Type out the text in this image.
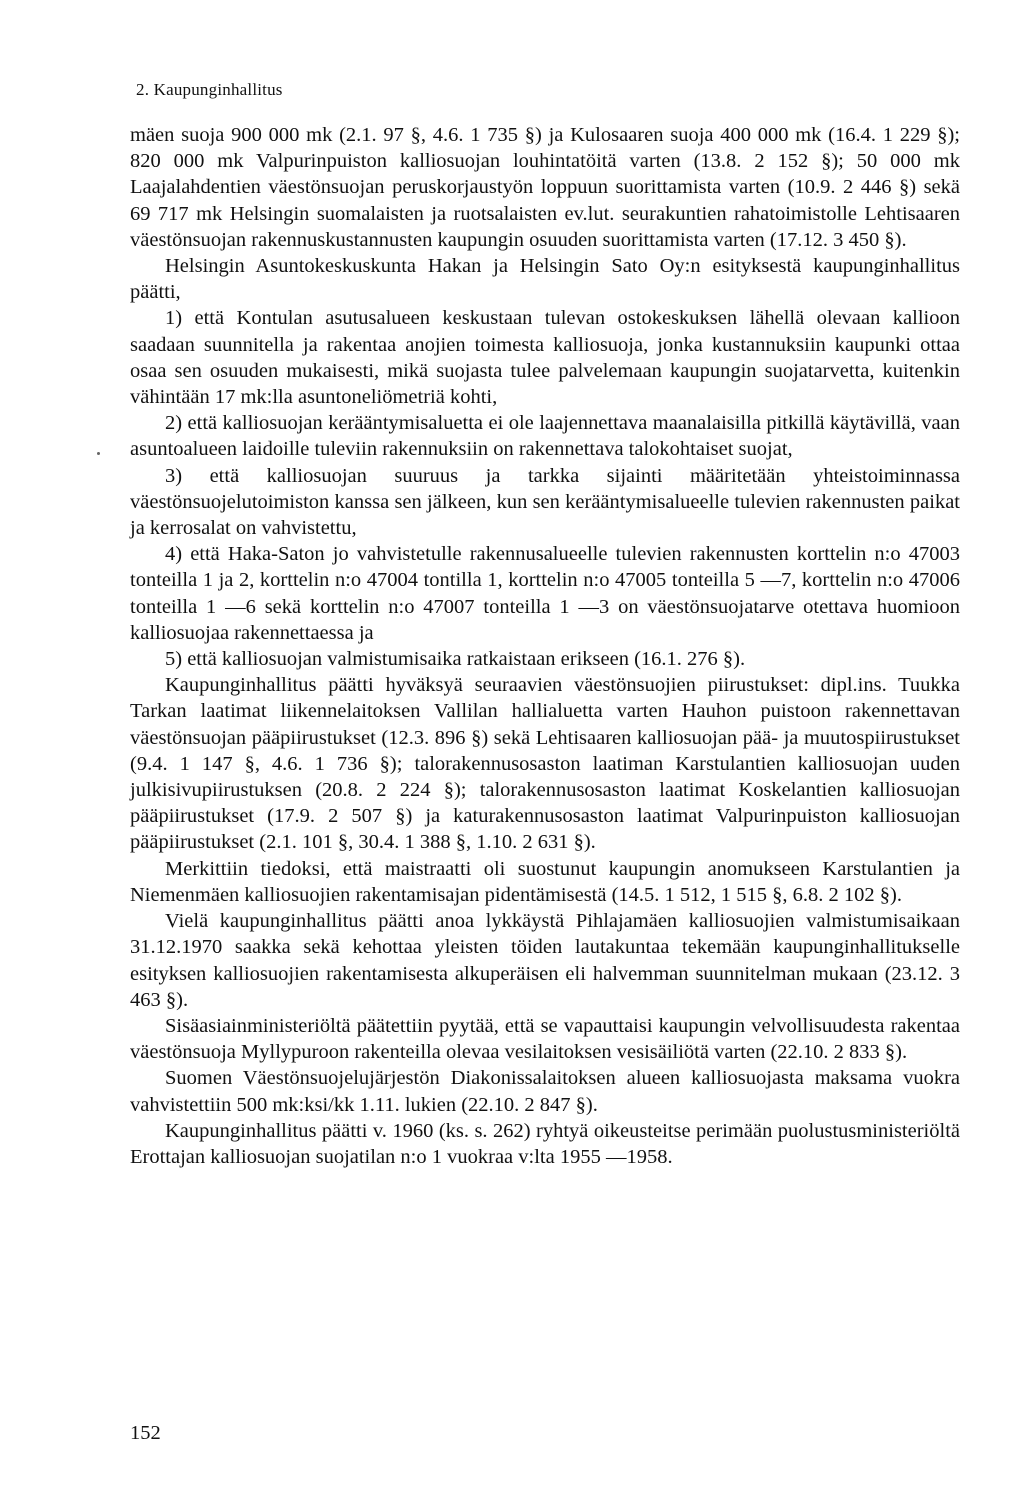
2. Kaupunginhallitus

mäen suoja 900 000 mk (2.1. 97 §, 4.6. 1 735 §) ja Kulosaaren suoja 400 000 mk (16.4. 1 229 §); 820 000 mk Valpurinpuiston kalliosuojan louhintatöitä varten (13.8. 2 152 §); 50 000 mk Laajalahdentien väestönsuojan peruskorjaustyön loppuun suorittamista varten (10.9. 2 446 §) sekä 69 717 mk Helsingin suomalaisten ja ruotsalaisten ev.lut. seurakuntien rahatoimistolle Lehtisaaren väestönsuojan rakennuskustannusten kaupungin osuuden suorittamista varten (17.12. 3 450 §).

Helsingin Asuntokeskuskunta Hakan ja Helsingin Sato Oy:n esityksestä kaupunginhallitus päätti,

1) että Kontulan asutusalueen keskustaan tulevan ostokeskuksen lähellä olevaan kallioon saadaan suunnitella ja rakentaa anojien toimesta kalliosuoja, jonka kustannuksiin kaupunki ottaa osaa sen osuuden mukaisesti, mikä suojasta tulee palvelemaan kaupungin suojatarvetta, kuitenkin vähintään 17 mk:lla asuntoneliömetriä kohti,

2) että kalliosuojan kerääntymisaluetta ei ole laajennettava maanalaisilla pitkillä käytävillä, vaan asuntoalueen laidoille tuleviin rakennuksiin on rakennettava talokohtaiset suojat,

3) että kalliosuojan suuruus ja tarkka sijainti määritetään yhteistoiminnassa väestönsuojelutoimiston kanssa sen jälkeen, kun sen kerääntymisalueelle tulevien rakennusten paikat ja kerrosalat on vahvistettu,

4) että Haka-Saton jo vahvistetulle rakennusalueelle tulevien rakennusten korttelin n:o 47003 tonteilla 1 ja 2, korttelin n:o 47004 tontilla 1, korttelin n:o 47005 tonteilla 5 —7, korttelin n:o 47006 tonteilla 1 —6 sekä korttelin n:o 47007 tonteilla 1 —3 on väestönsuojatarve otettava huomioon kalliosuojaa rakennettaessa ja

5) että kalliosuojan valmistumisaika ratkaistaan erikseen (16.1. 276 §).

Kaupunginhallitus päätti hyväksyä seuraavien väestönsuojien piirustukset: dipl.ins. Tuukka Tarkan laatimat liikennelaitoksen Vallilan hallialuetta varten Hauhon puistoon rakennettavan väestönsuojan pääpiirustukset (12.3. 896 §) sekä Lehtisaaren kalliosuojan pää- ja muutospiirustukset (9.4. 1 147 §, 4.6. 1 736 §); talorakennusosaston laatiman Karstulantien kalliosuojan uuden julkisivupiirustuksen (20.8. 2 224 §); talorakennusosaston laatimat Koskelantien kalliosuojan pääpiirustukset (17.9. 2 507 §) ja katurakennusosaston laatimat Valpurinpuiston kalliosuojan pääpiirustukset (2.1. 101 §, 30.4. 1 388 §, 1.10. 2 631 §).

Merkittiin tiedoksi, että maistraatti oli suostunut kaupungin anomukseen Karstulantien ja Niemenmäen kalliosuojien rakentamisajan pidentämisestä (14.5. 1 512, 1 515 §, 6.8. 2 102 §).

Vielä kaupunginhallitus päätti anoa lykkäystä Pihlajamäen kalliosuojien valmistumisaikaan 31.12.1970 saakka sekä kehottaa yleisten töiden lautakuntaa tekemään kaupunginhallitukselle esityksen kalliosuojien rakentamisesta alkuperäisen eli halvemman suunnitelman mukaan (23.12. 3 463 §).

Sisäasiainministeriöltä päätettiin pyytää, että se vapauttaisi kaupungin velvollisuudesta rakentaa väestönsuoja Myllypuroon rakenteilla olevaa vesilaitoksen vesisäiliötä varten (22.10. 2 833 §).

Suomen Väestönsuojelujärjestön Diakonissalaitoksen alueen kalliosuojasta maksama vuokra vahvistettiin 500 mk:ksi/kk 1.11. lukien (22.10. 2 847 §).

Kaupunginhallitus päätti v. 1960 (ks. s. 262) ryhtyä oikeusteitse perimään puolustusministeriöltä Erottajan kalliosuojan suojatilan n:o 1 vuokraa v:lta 1955 —1958.

152
